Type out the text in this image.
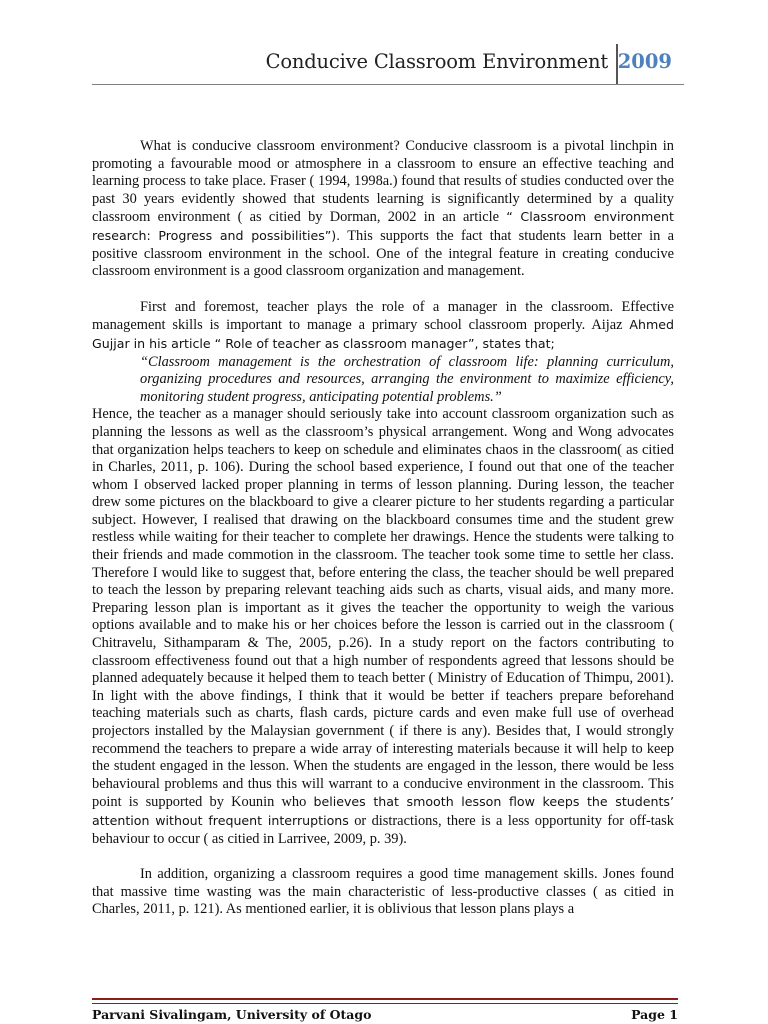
Conducive Classroom Environment 2009

What is conducive classroom environment? Conducive classroom is a pivotal linchpin in promoting a favourable mood or atmosphere in a classroom to ensure an effective teaching and learning process to take place. Fraser ( 1994, 1998a.) found that results of studies conducted over the past 30 years evidently showed that students learning is significantly determined by a quality classroom environment ( as citied by Dorman, 2002 in an article “ Classroom environment research: Progress and possibilities”). This supports the fact that students learn better in a positive classroom environment in the school. One of the integral feature in creating conducive classroom environment is a good classroom organization and management.

First and foremost, teacher plays the role of a manager in the classroom. Effective management skills is important to manage a primary school classroom properly. Aijaz Ahmed Gujjar in his article “ Role of teacher as classroom manager”, states that;

“Classroom management is the orchestration of classroom life: planning curriculum, organizing procedures and resources, arranging the environment to maximize efficiency, monitoring student progress, anticipating potential problems.”

Hence, the teacher as a manager should seriously take into account classroom organization such as planning the lessons as well as the classroom’s physical arrangement. Wong and Wong advocates that organization helps teachers to keep on schedule and eliminates chaos in the classroom( as citied in Charles, 2011, p. 106). During the school based experience, I found out that one of the teacher whom I observed lacked proper planning in terms of lesson planning. During lesson, the teacher drew some pictures on the blackboard to give a clearer picture to her students regarding a particular subject. However, I realised that drawing on the blackboard consumes time and the student grew restless while waiting for their teacher to complete her drawings. Hence the students were talking to their friends and made commotion in the classroom. The teacher took some time to settle her class. Therefore I would like to suggest that, before entering the class, the teacher should be well prepared to teach the lesson by preparing relevant teaching aids such as charts, visual aids, and many more. Preparing lesson plan is important as it gives the teacher the opportunity to weigh the various options available and to make his or her choices before the lesson is carried out in the classroom ( Chitravelu, Sithamparam & The, 2005, p.26). In a study report on the factors contributing to classroom effectiveness found out that a high number of respondents agreed that lessons should be planned adequately because it helped them to teach better ( Ministry of Education of Thimpu, 2001). In light with the above findings, I think that it would be better if teachers prepare beforehand teaching materials such as charts, flash cards, picture cards and even make full use of overhead projectors installed by the Malaysian government ( if there is any). Besides that, I would strongly recommend the teachers to prepare a wide array of interesting materials because it will help to keep the student engaged in the lesson. When the students are engaged in the lesson, there would be less behavioural problems and thus this will warrant to a conducive environment in the classroom. This point is supported by Kounin who believes that smooth lesson flow keeps the students’ attention without frequent interruptions or distractions, there is a less opportunity for off-task behaviour to occur ( as citied in Larrivee, 2009, p. 39).

In addition, organizing a classroom requires a good time management skills. Jones found that massive time wasting was the main characteristic of less-productive classes ( as citied in Charles, 2011, p. 121). As mentioned earlier, it is oblivious that lesson plans plays a

Parvani Sivalingam, University of Otago	Page 1
